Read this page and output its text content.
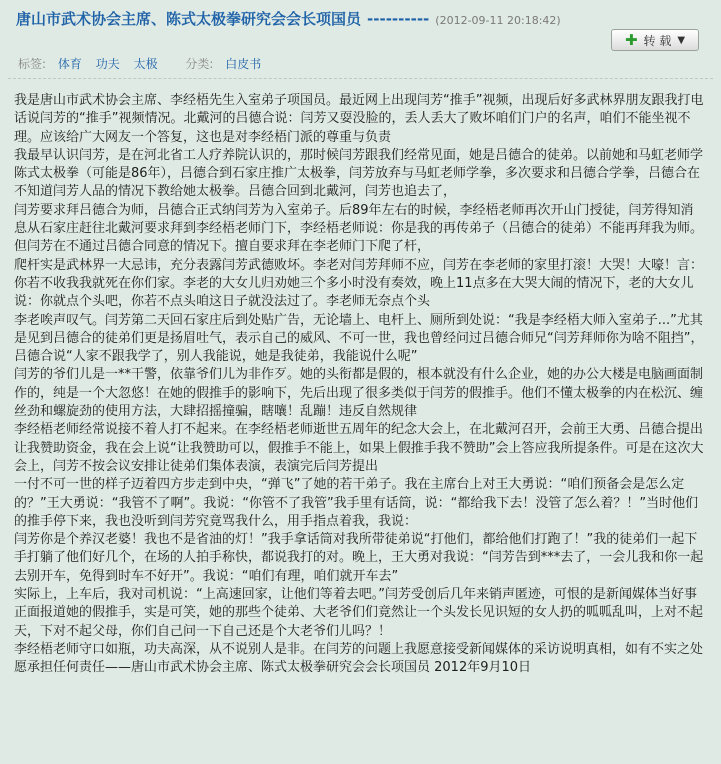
唐山市武术协会主席、陈式太极拳研究会会长项国员 ---------- (2012-09-11 20:18:42)
✚ 转 载 ▼
标签: 体育 功夫 太极 分类: 白皮书

我是唐山市武术协会主席、李经梧先生入室弟子项国员。最近网上出现闫芳“推手”视频，出现后好多武林界朋友跟我打电话说闫芳的“推手”视频情况。北戴河的吕德合说：闫芳又耍没脸的，丢人丢大了败坏咱们门户的名声，咱们不能坐视不理。应该给广大网友一个答复，这也是对李经梧门派的尊重与负责

我最早认识闫芳，是在河北省工人疗养院认识的，那时候闫芳跟我们经常见面，她是吕德合的徒弟。以前她和马虹老师学陈式太极拳（可能是86年），吕德合到石家庄推广太极拳，闫芳放弃与马虹老师学拳，多次要求和吕德合学拳，吕德合在不知道闫芳人品的情况下教给她太极拳。吕德合回到北戴河，闫芳也追去了，

闫芳要求拜吕德合为师，吕德合正式纳闫芳为入室弟子。后89年左右的时候，李经梧老师再次开山门授徒，闫芳得知消息从石家庄赶往北戴河要求拜到李经梧老师门下，李经梧老师说：你是我的再传弟子（吕德合的徒弟）不能再拜我为师。但闫芳在不通过吕德合同意的情况下。擅自要求拜在李老师门下爬了杆，

爬杆实是武林界一大忌讳，充分表露闫芳武德败坏。李老对闫芳拜师不应，闫芳在李老师的家里打滚！大哭！大嚎！言：你若不收我我就死在你们家。李老的大女儿归劝她三个多小时没有奏效，晚上11点多在大哭大闹的情况下，老的大女儿说：你就点个头吧，你若不点头咱这日子就没法过了。李老师无奈点个头

李老唉声叹气。闫芳第二天回石家庄后到处贴广告，无论墙上、电杆上、厕所到处说：“我是李经梧大师入室弟子...”尤其是见到吕德合的徒弟们更是扬眉吐气，表示自己的威风、不可一世，我也曾经问过吕德合师兄“闫芳拜师你为啥不阻挡”，吕德合说“人家不跟我学了，别人我能说，她是我徒弟，我能说什么呢”

闫芳的爷们儿是一**干警，依靠爷们儿为非作歹。她的头衔都是假的，根本就没有什么企业，她的办公大楼是电脑画面制作的，纯是一个大忽悠！在她的假推手的影响下，先后出现了很多类似于闫芳的假推手。他们不懂太极拳的内在松沉、缠丝劲和螺旋劲的使用方法，大肆招摇撞骗，瞎嚷！乱蹦！违反自然规律

李经梧老师经常说接不着人打不起来。在李经梧老师逝世五周年的纪念大会上，在北戴河召开，会前王大勇、吕德合提出让我赞助资金，我在会上说“让我赞助可以，假推手不能上，如果上假推手我不赞助”会上答应我所提条件。可是在这次大会上，闫芳不按会议安排让徒弟们集体表演，表演完后闫芳提出

一付不可一世的样子迈着四方步走到中央，“弹飞”了她的若干弟子。我在主席台上对王大勇说：“咱们预备会是怎么定的？”王大勇说：“我管不了啊”。我说：“你管不了我管”我手里有话筒，说：“都给我下去！没管了怎么着？！”当时他们的推手停下来，我也没听到闫芳究竟骂我什么，用手指点着我，我说：

闫芳你是个养汉老婆！我也不是省油的灯！”我手拿话筒对我所带徒弟说“打他们，都给他们打跑了！”我的徒弟们一起下手打躺了他们好几个，在场的人拍手称快，都说我打的对。晚上，王大勇对我说：“闫芳告到***去了，一会儿我和你一起去别开车，免得到时车不好开”。我说：“咱们有理，咱们就开车去”

实际上，上车后，我对司机说：“上高速回家，让他们等着去吧。”闫芳受创后几年来销声匿迹，可恨的是新闻媒体当好事正面报道她的假推手，实是可笑，她的那些个徒弟、大老爷们们竟然让一个头发长见识短的女人扔的呱呱乱叫，上对不起天，下对不起父母，你们自己问一下自己还是个大老爷们儿吗？！

李经梧老师守口如瓶，功夫高深，从不说别人是非。在闫芳的问题上我愿意接受新闻媒体的采访说明真相，如有不实之处愿承担任何责任——唐山市武术协会主席、陈式太极拳研究会会长项国员 2012年9月10日
